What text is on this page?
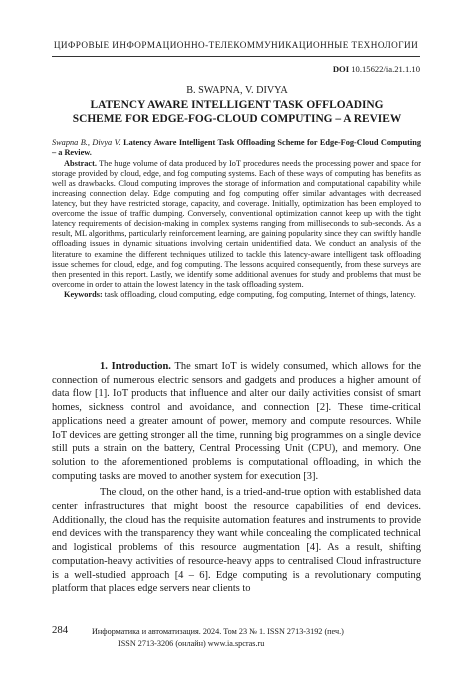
ЦИФРОВЫЕ ИНФОРМАЦИОННО-ТЕЛЕКОММУНИКАЦИОННЫЕ ТЕХНОЛОГИИ
DOI 10.15622/ia.21.1.10
B. SWAPNA, V. DIVYA
LATENCY AWARE INTELLIGENT TASK OFFLOADING
SCHEME FOR EDGE-FOG-CLOUD COMPUTING – A REVIEW

Swapna B., Divya V. Latency Aware Intelligent Task Offloading Scheme for Edge-Fog-Cloud Computing – a Review.

Abstract. The huge volume of data produced by IoT procedures needs the processing power and space for storage provided by cloud, edge, and fog computing systems. Each of these ways of computing has benefits as well as drawbacks. Cloud computing improves the storage of information and computational capability while increasing connection delay. Edge computing and fog computing offer similar advantages with decreased latency, but they have restricted storage, capacity, and coverage. Initially, optimization has been employed to overcome the issue of traffic dumping. Conversely, conventional optimization cannot keep up with the tight latency requirements of decision-making in complex systems ranging from milliseconds to sub-seconds. As a result, ML algorithms, particularly reinforcement learning, are gaining popularity since they can swiftly handle offloading issues in dynamic situations involving certain unidentified data. We conduct an analysis of the literature to examine the different techniques utilized to tackle this latency-aware intelligent task offloading issue schemes for cloud, edge, and fog computing. The lessons acquired consequently, from these surveys are then presented in this report. Lastly, we identify some additional avenues for study and problems that must be overcome in order to attain the lowest latency in the task offloading system.

Keywords: task offloading, cloud computing, edge computing, fog computing, Internet of things, latency.

1. Introduction. The smart IoT is widely consumed, which allows for the connection of numerous electric sensors and gadgets and produces a higher amount of data flow [1]. IoT products that influence and alter our daily activities consist of smart homes, sickness control and avoidance, and connection [2]. These time-critical applications need a greater amount of power, memory and compute resources. While IoT devices are getting stronger all the time, running big programmes on a single device still puts a strain on the battery, Central Processing Unit (CPU), and memory. One solution to the aforementioned problems is computational offloading, in which the computing tasks are moved to another system for execution [3].

The cloud, on the other hand, is a tried-and-true option with established data center infrastructures that might boost the resource capabilities of end devices. Additionally, the cloud has the requisite automation features and instruments to provide end devices with the transparency they want while concealing the complicated technical and logistical problems of this resource augmentation [4]. As a result, shifting computation-heavy activities of resource-heavy apps to centralised Cloud infrastructure is a well-studied approach [4 – 6]. Edge computing is a revolutionary computing platform that places edge servers near clients to

284	Информатика и автоматизация. 2024. Том 23 № 1. ISSN 2713-3192 (печ.)
ISSN 2713-3206 (онлайн) www.ia.spcras.ru
